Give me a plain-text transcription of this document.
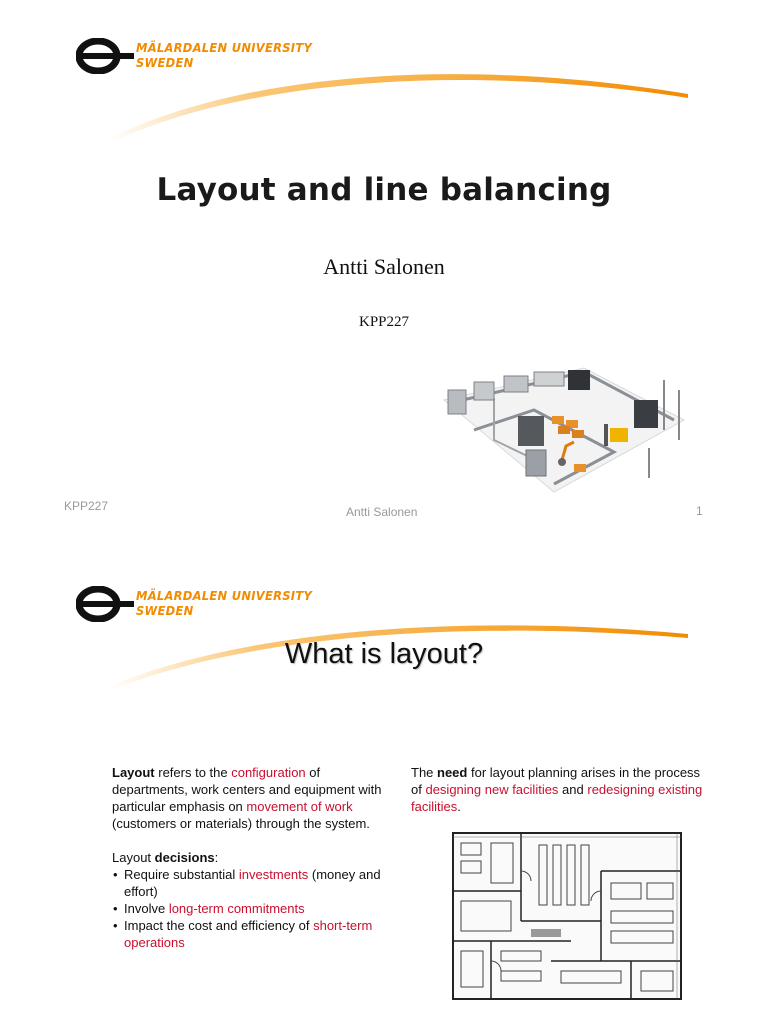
MÄLARDALEN UNIVERSITY
SWEDEN
Layout and line balancing
Antti Salonen
KPP227
KPP227	Antti Salonen	1
MÄLARDALEN UNIVERSITY
SWEDEN
What is layout?

Layout refers to the configuration of departments, work centers and equipment with particular emphasis on movement of work (customers or materials) through the system.

Layout decisions:
• Require substantial investments (money and effort)
• Involve long-term commitments
• Impact the cost and efficiency of short-term operations
The need for layout planning arises in the process of designing new facilities and redesigning existing facilities.
